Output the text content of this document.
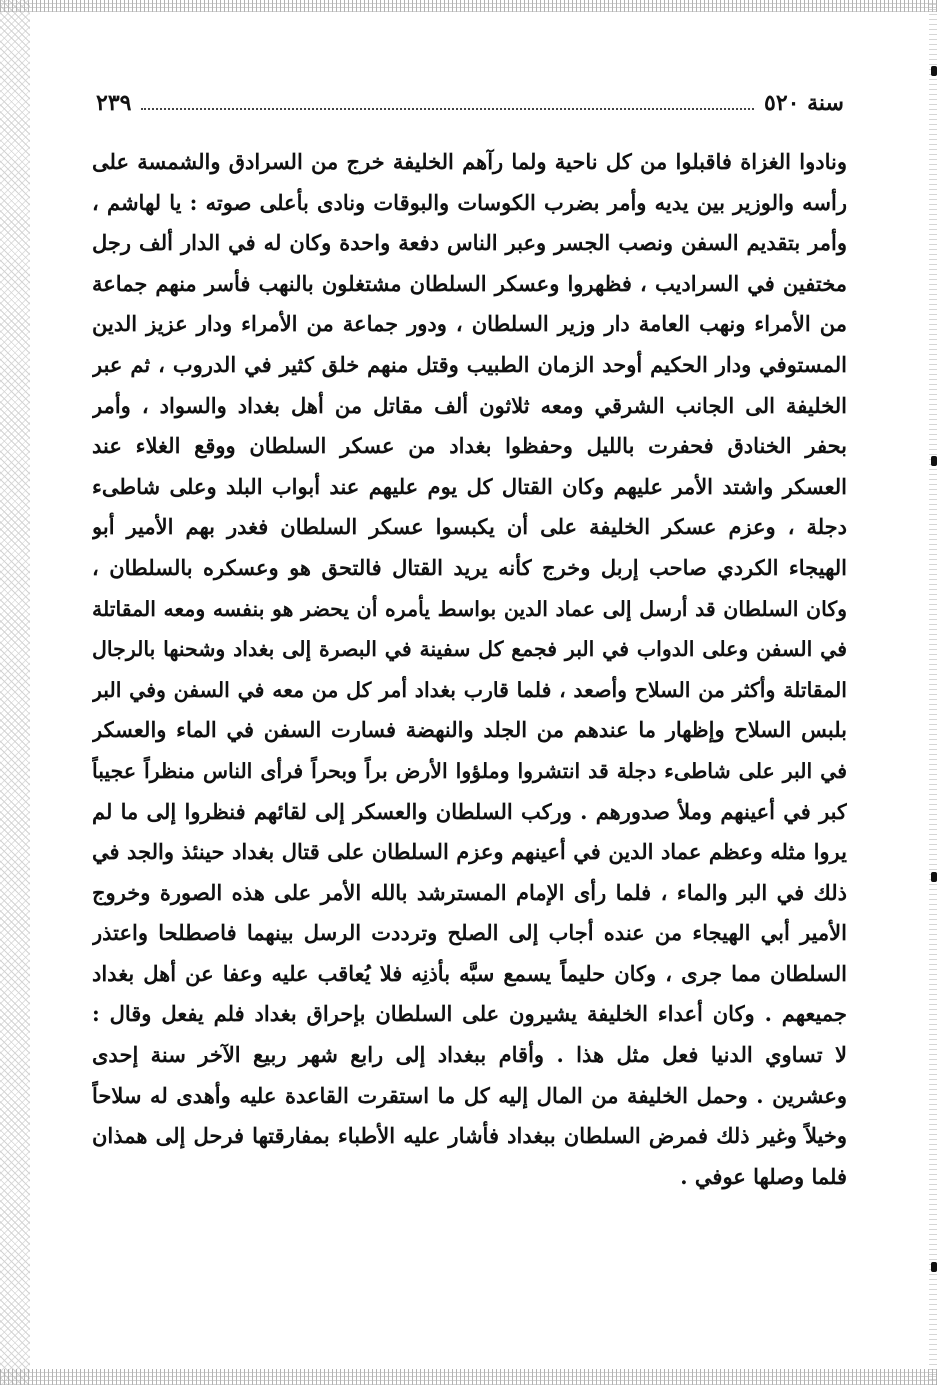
سنة ٥٢٠
٢٣٩
ونادوا الغزاة فاقبلوا من كل ناحية ولما رآهم الخليفة خرج من السرادق والشمسة على
رأسه والوزير بين يديه وأمر بضرب الكوسات والبوقات ونادى بأعلى صوته : يا لهاشم ،
وأمر بتقديم السفن ونصب الجسر وعبر الناس دفعة واحدة وكان له في الدار ألف رجل
مختفين في السراديب ، فظهروا وعسكر السلطان مشتغلون بالنهب فأسر منهم جماعة
من الأمراء ونهب العامة دار وزير السلطان ، ودور جماعة من الأمراء ودار عزيز الدين
المستوفي ودار الحكيم أوحد الزمان الطبيب وقتل منهم خلق كثير في الدروب ، ثم عبر
الخليفة الى الجانب الشرقي ومعه ثلاثون ألف مقاتل من أهل بغداد والسواد ، وأمر
بحفر الخنادق فحفرت بالليل وحفظوا بغداد من عسكر السلطان ووقع الغلاء عند
العسكر واشتد الأمر عليهم وكان القتال كل يوم عليهم عند أبواب البلد وعلى شاطىء
دجلة ، وعزم عسكر الخليفة على أن يكبسوا عسكر السلطان فغدر بهم الأمير أبو
الهيجاء الكردي صاحب إربل وخرج كأنه يريد القتال فالتحق هو وعسكره بالسلطان ،
وكان السلطان قد أرسل إلى عماد الدين بواسط يأمره أن يحضر هو بنفسه ومعه المقاتلة
في السفن وعلى الدواب في البر فجمع كل سفينة في البصرة إلى بغداد وشحنها بالرجال
المقاتلة وأكثر من السلاح وأصعد ، فلما قارب بغداد أمر كل من معه في السفن وفي البر
بلبس السلاح وإظهار ما عندهم من الجلد والنهضة فسارت السفن في الماء والعسكر
في البر على شاطىء دجلة قد انتشروا وملؤوا الأرض براً وبحراً فرأى الناس منظراً عجيباً
كبر في أعينهم وملأ صدورهم . وركب السلطان والعسكر إلى لقائهم فنظروا إلى ما لم
يروا مثله وعظم عماد الدين في أعينهم وعزم السلطان على قتال بغداد حينئذ والجد في
ذلك في البر والماء ، فلما رأى الإمام المسترشد بالله الأمر على هذه الصورة وخروج
الأمير أبي الهيجاء من عنده أجاب إلى الصلح وترددت الرسل بينهما فاصطلحا واعتذر
السلطان مما جرى ، وكان حليماً يسمع سبَّه بأذنِه فلا يُعاقب عليه وعفا عن أهل بغداد
جميعهم . وكان أعداء الخليفة يشيرون على السلطان بإحراق بغداد فلم يفعل وقال :
لا تساوي الدنيا فعل مثل هذا . وأقام ببغداد إلى رابع شهر ربيع الآخر سنة إحدى
وعشرين . وحمل الخليفة من المال إليه كل ما استقرت القاعدة عليه وأهدى له سلاحاً
وخيلاً وغير ذلك فمرض السلطان ببغداد فأشار عليه الأطباء بمفارقتها فرحل إلى همذان
فلما وصلها عوفي .
